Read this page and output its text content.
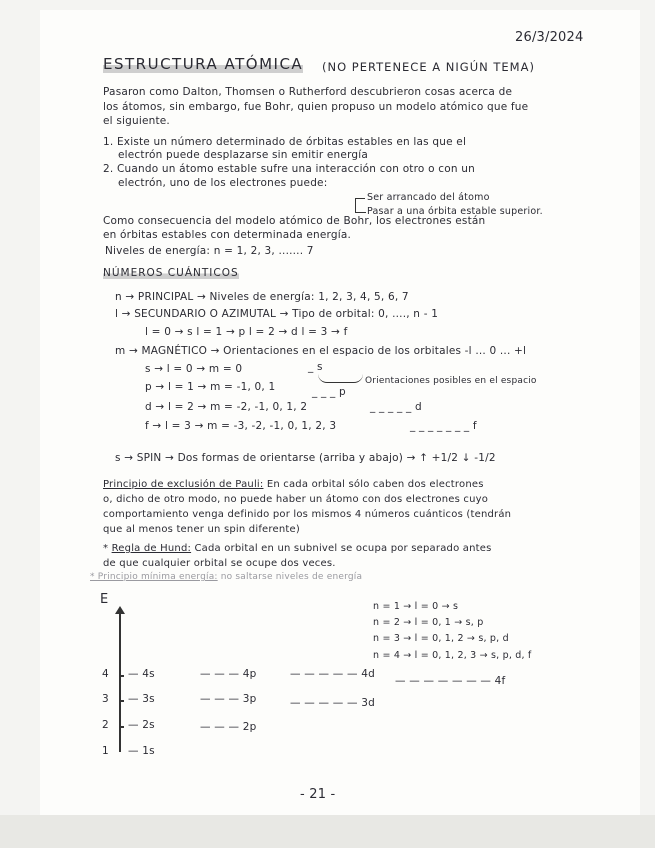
26/3/2024
ESTRUCTURA ATÓMICA (NO PERTENECE A NIGÚN TEMA)
Pasaron como Dalton, Thomsen o Rutherford descubrieron cosas acerca de
los átomos, sin embargo, fue Bohr, quien propuso un modelo atómico que fue
el siguiente.
1. Existe un número determinado de órbitas estables en las que el
electrón puede desplazarse sin emitir energía
2. Cuando un átomo estable sufre una interacción con otro o con un
electrón, uno de los electrones puede:
Ser arrancado del átomo
Pasar a una órbita estable superior.
Como consecuencia del modelo atómico de Bohr, los electrones están
en órbitas estables con determinada energía.
Niveles de energía: n = 1, 2, 3, ....... 7
NÚMEROS CUÁNTICOS
n → PRINCIPAL → Niveles de energía: 1, 2, 3, 4, 5, 6, 7
l → SECUNDARIO O AZIMUTAL → Tipo de orbital: 0, ...., n - 1
l = 0 → s l = 1 → p l = 2 → d l = 3 → f
m → MAGNÉTICO → Orientaciones en el espacio de los orbitales -l ... 0 ... +l
s → l = 0 → m = 0
p → l = 1 → m = -1, 0, 1
d → l = 2 → m = -2, -1, 0, 1, 2
f → l = 3 → m = -3, -2, -1, 0, 1, 2, 3
_ s
_ _ _ p
_ _ _ _ _ d
_ _ _ _ _ _ _ f
Orientaciones posibles en el espacio
s → SPIN → Dos formas de orientarse (arriba y abajo) → ↑ +1/2 ↓ -1/2
Principio de exclusión de Pauli: En cada orbital sólo caben dos electrones
o, dicho de otro modo, no puede haber un átomo con dos electrones cuyo
comportamiento venga definido por los mismos 4 números cuánticos (tendrán
que al menos tener un spin diferente)
* Regla de Hund: Cada orbital en un subnivel se ocupa por separado antes
de que cualquier orbital se ocupe dos veces.
* Principio mínima energía: no saltarse niveles de energía
E
4
3
2
1
— 4s	— — — 4p	— — — — — 4d
— — — — — — — 4f
— 3s	— — — 3p	— — — — — 3d
— 2s	— — — 2p
— 1s
n = 1 → l = 0 → s
n = 2 → l = 0, 1 → s, p
n = 3 → l = 0, 1, 2 → s, p, d
n = 4 → l = 0, 1, 2, 3 → s, p, d, f
- 21 -
